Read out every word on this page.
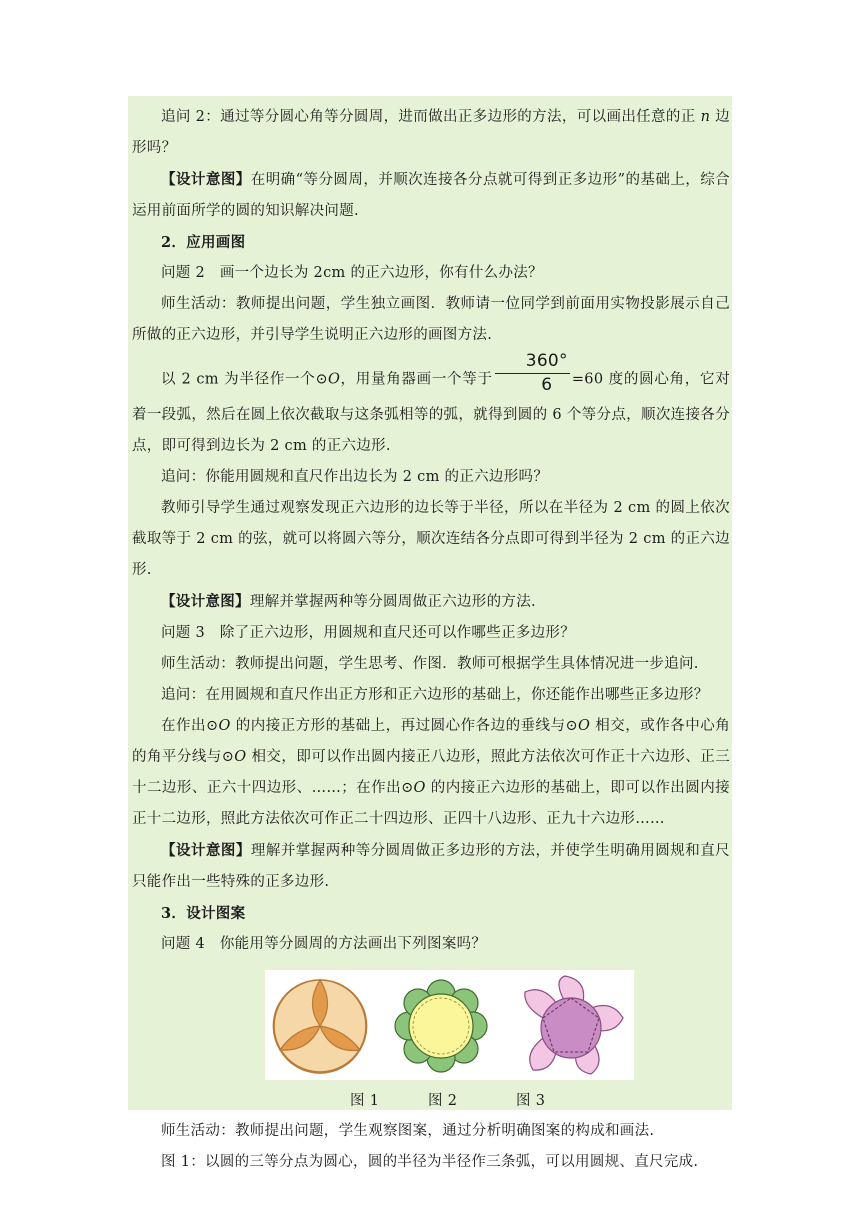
追问 2：通过等分圆心角等分圆周，进而做出正多边形的方法，可以画出任意的正 n 边形吗？

【设计意图】在明确“等分圆周，并顺次连接各分点就可得到正多边形”的基础上，综合运用前面所学的圆的知识解决问题.

2．应用画图

问题 2　画一个边长为 2cm 的正六边形，你有什么办法？

师生活动：教师提出问题，学生独立画图．教师请一位同学到前面用实物投影展示自己所做的正六边形，并引导学生说明正六边形的画图方法.

以 2 cm 为半径作一个⊙O，用量角器画一个等于 $\frac{360^\circ}{6} =60$ 度的圆心角，它对着一段弧，然后在圆上依次截取与这条弧相等的弧，就得到圆的 6 个等分点，顺次连接各分点，即可得到边长为 2 cm 的正六边形.

追问：你能用圆规和直尺作出边长为 2 cm 的正六边形吗？

教师引导学生通过观察发现正六边形的边长等于半径，所以在半径为 2 cm 的圆上依次截取等于 2 cm 的弦，就可以将圆六等分，顺次连结各分点即可得到半径为 2 cm 的正六边形.

【设计意图】理解并掌握两种等分圆周做正六边形的方法.

问题 3　除了正六边形，用圆规和直尺还可以作哪些正多边形？

师生活动：教师提出问题，学生思考、作图．教师可根据学生具体情况进一步追问.

追问：在用圆规和直尺作出正方形和正六边形的基础上，你还能作出哪些正多边形？

在作出⊙O 的内接正方形的基础上，再过圆心作各边的垂线与⊙O 相交，或作各中心角的角平分线与⊙O 相交，即可以作出圆内接正八边形，照此方法依次可作正十六边形、正三十二边形、正六十四边形、……；在作出⊙O 的内接正六边形的基础上，即可以作出圆内接正十二边形，照此方法依次可作正二十四边形、正四十八边形、正九十六边形……

【设计意图】理解并掌握两种等分圆周做正多边形的方法，并使学生明确用圆规和直尺只能作出一些特殊的正多边形.

3．设计图案

问题 4　你能用等分圆周的方法画出下列图案吗？

图 1	图 2	图 3

师生活动：教师提出问题，学生观察图案，通过分析明确图案的构成和画法.

图 1：以圆的三等分点为圆心，圆的半径为半径作三条弧，可以用圆规、直尺完成.
